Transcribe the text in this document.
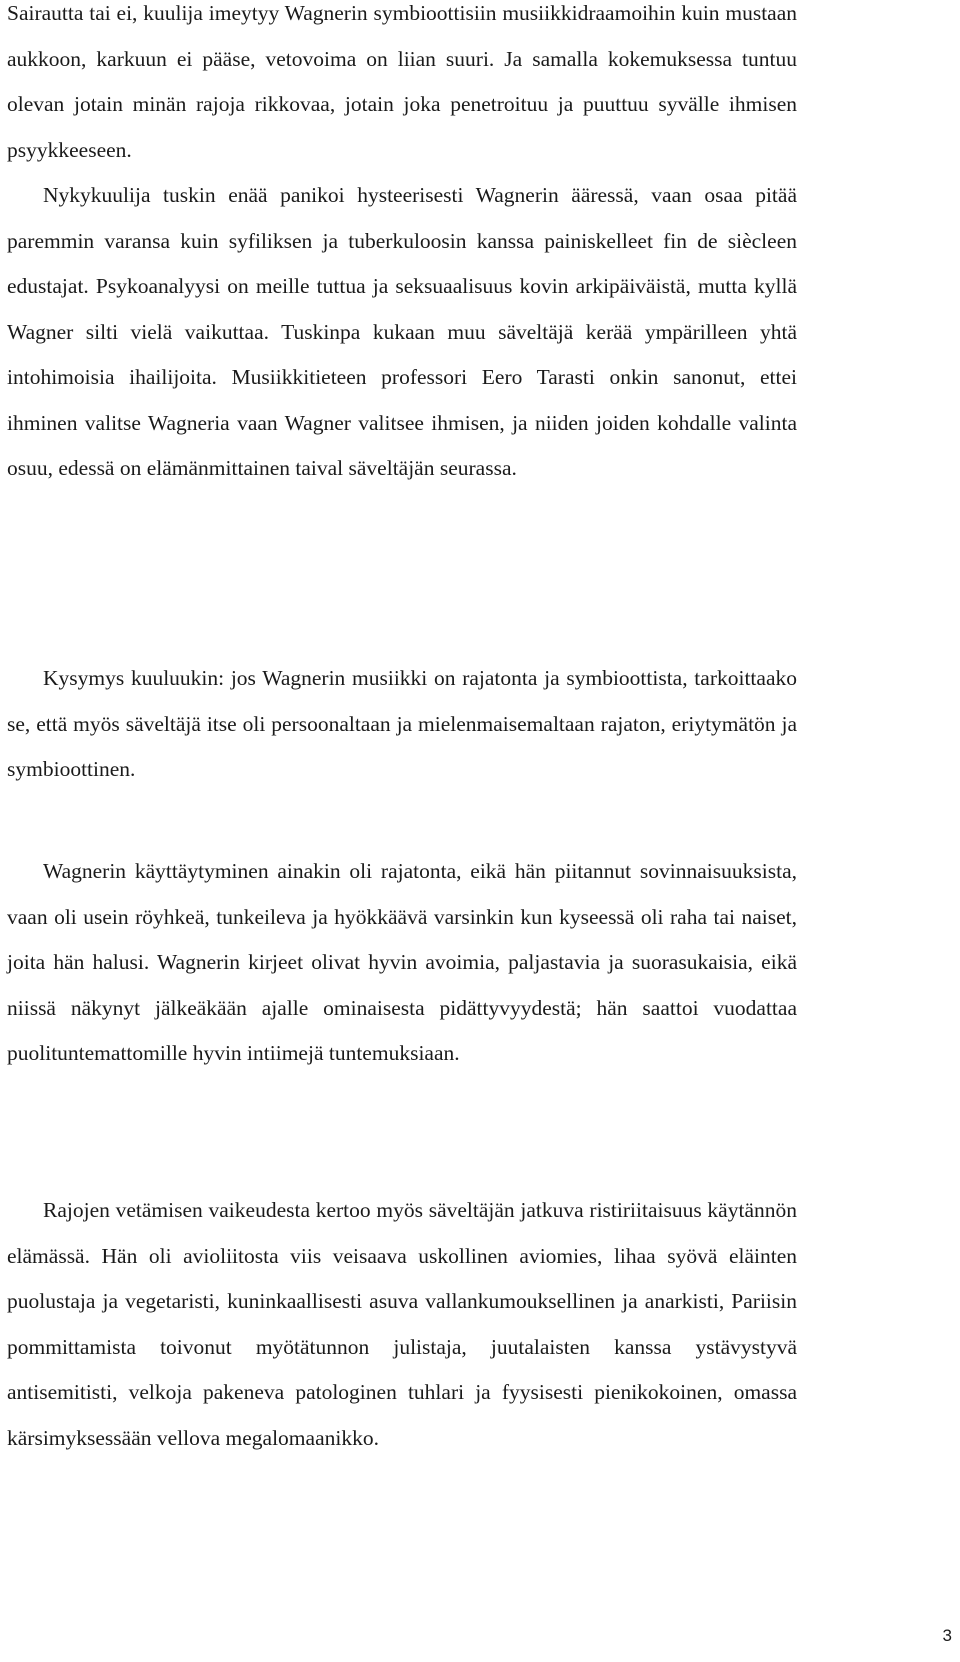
Sairautta tai ei, kuulija imeytyy Wagnerin symbioottisiin musiikkidraamoihin kuin mustaan aukkoon, karkuun ei pääse, vetovoima on liian suuri. Ja samalla kokemuksessa tuntuu olevan jotain minän rajoja rikkovaa, jotain joka penetroituu ja puuttuu syvälle ihmisen psyykkeeseen.
Nykykuulija tuskin enää panikoi hysteerisesti Wagnerin ääressä, vaan osaa pitää paremmin varansa kuin syfiliksen ja tuberkuloosin kanssa painiskelleet fin de siècleen edustajat. Psykoanalyysi on meille tuttua ja seksuaalisuus kovin arkipäiväistä, mutta kyllä Wagner silti vielä vaikuttaa. Tuskinpa kukaan muu säveltäjä kerää ympärilleen yhtä intohimoisia ihailijoita. Musiikkitieteen professori Eero Tarasti onkin sanonut, ettei ihminen valitse Wagneria vaan Wagner valitsee ihmisen, ja niiden joiden kohdalle valinta osuu, edessä on elämänmittainen taival säveltäjän seurassa.
Kysymys kuuluukin: jos Wagnerin musiikki on rajatonta ja symbioottista, tarkoittaako se, että myös säveltäjä itse oli persoonaltaan ja mielenmaisemaltaan rajaton, eriytymätön ja symbioottinen.
Wagnerin käyttäytyminen ainakin oli rajatonta, eikä hän piitannut sovinnaisuuksista, vaan oli usein röyhkeä, tunkeileva ja hyökkäävä varsinkin kun kyseessä oli raha tai naiset, joita hän halusi. Wagnerin kirjeet olivat hyvin avoimia, paljastavia ja suorasukaisia, eikä niissä näkynyt jälkeäkään ajalle ominaisesta pidättyvyydestä; hän saattoi vuodattaa puolituntemattomille hyvin intiimejä tuntemuksiaan.
Rajojen vetämisen vaikeudesta kertoo myös säveltäjän jatkuva ristiriitaisuus käytännön elämässä. Hän oli avioliitosta viis veisaava uskollinen aviomies, lihaa syövä eläinten puolustaja ja vegetaristi, kuninkaallisesti asuva vallankumouksellinen ja anarkisti, Pariisin pommittamista toivonut myötätunnon julistaja, juutalaisten kanssa ystävystyvä antisemitisti, velkoja pakeneva patologinen tuhlari ja fyysisesti pienikokoinen, omassa kärsimyksessään vellova megalomaanikko.
3
